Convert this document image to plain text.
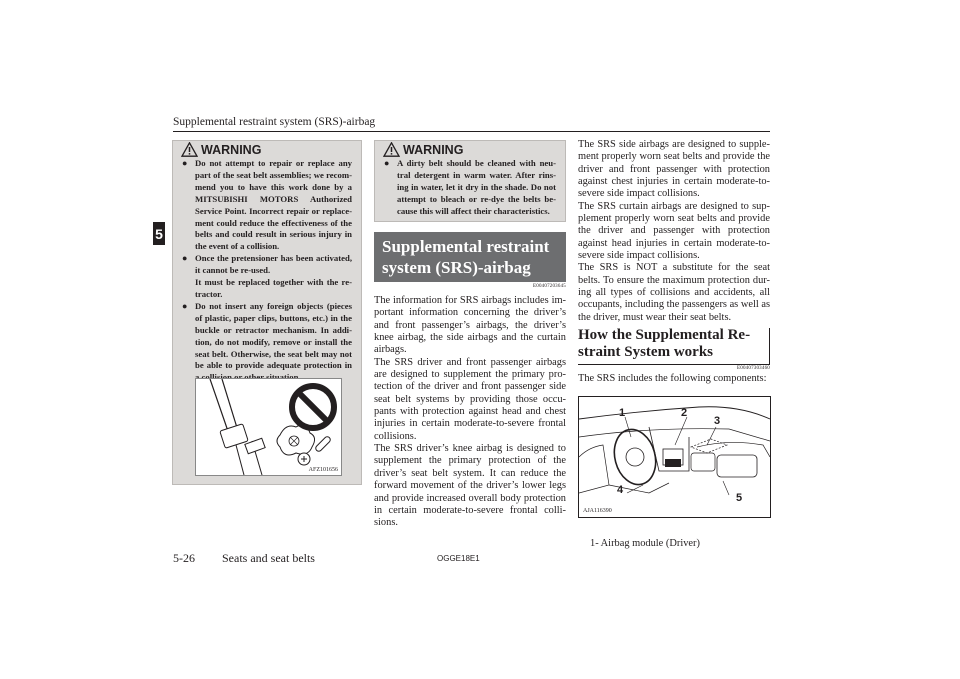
Supplemental restraint system (SRS)-airbag
5
WARNING
● Do not attempt to repair or replace any part of the seat belt assemblies; we recom-mend you to have this work done by a MITSUBISHI MOTORS Authorized Service Point. Incorrect repair or replace-ment could reduce the effectiveness of the belts and could result in serious injury in the event of a collision.
● Once the pretensioner has been activated, it cannot be re-used.
It must be replaced together with the re-tractor.
● Do not insert any foreign objects (pieces of plastic, paper clips, buttons, etc.) in the buckle or retractor mechanism. In addi-tion, do not modify, remove or install the seat belt. Otherwise, the seat belt may not be able to provide adequate protection in
AFZ101656
WARNING
● A dirty belt should be cleaned with neu-tral detergent in warm water. After rins-ing in water, let it dry in the shade. Do not attempt to bleach or re-dye the belts be-cause this will affect their characteristics.
Supplemental restraint
system (SRS)-airbag
E00407203645

The information for SRS airbags includes im-portant information concerning the driver’s and front passenger’s airbags, the driver’s knee airbag, the side airbags and the curtain airbags.

The SRS driver and front passenger airbags are designed to supplement the primary pro-tection of the driver and front passenger side seat belt systems by providing those occu-pants with protection against head and chest injuries in certain moderate-to-severe frontal collisions.

The SRS driver’s knee airbag is designed to supplement the primary protection of the driver’s seat belt system. It can reduce the forward movement of the driver’s lower legs and provide increased overall body protection in certain moderate-to-severe frontal colli-sions.

The SRS side airbags are designed to supple-ment properly worn seat belts and provide the driver and front passenger with protection against chest injuries in certain moderate-to-severe side impact collisions.

The SRS curtain airbags are designed to sup-plement properly worn seat belts and provide the driver and passenger with protection against head injuries in certain moderate-to-severe side impact collisions.

The SRS is NOT a substitute for the seat belts. To ensure the maximum protection dur-ing all types of collisions and accidents, all occupants, including the passengers as well as the driver, must wear their seat belts.

How the Supplemental Re-
straint System works
E00407303460
The SRS includes the following components:
1	2
3
4
5
AJA116390
1- Airbag module (Driver)
5-26 Seats and seat belts	OGGE18E1
